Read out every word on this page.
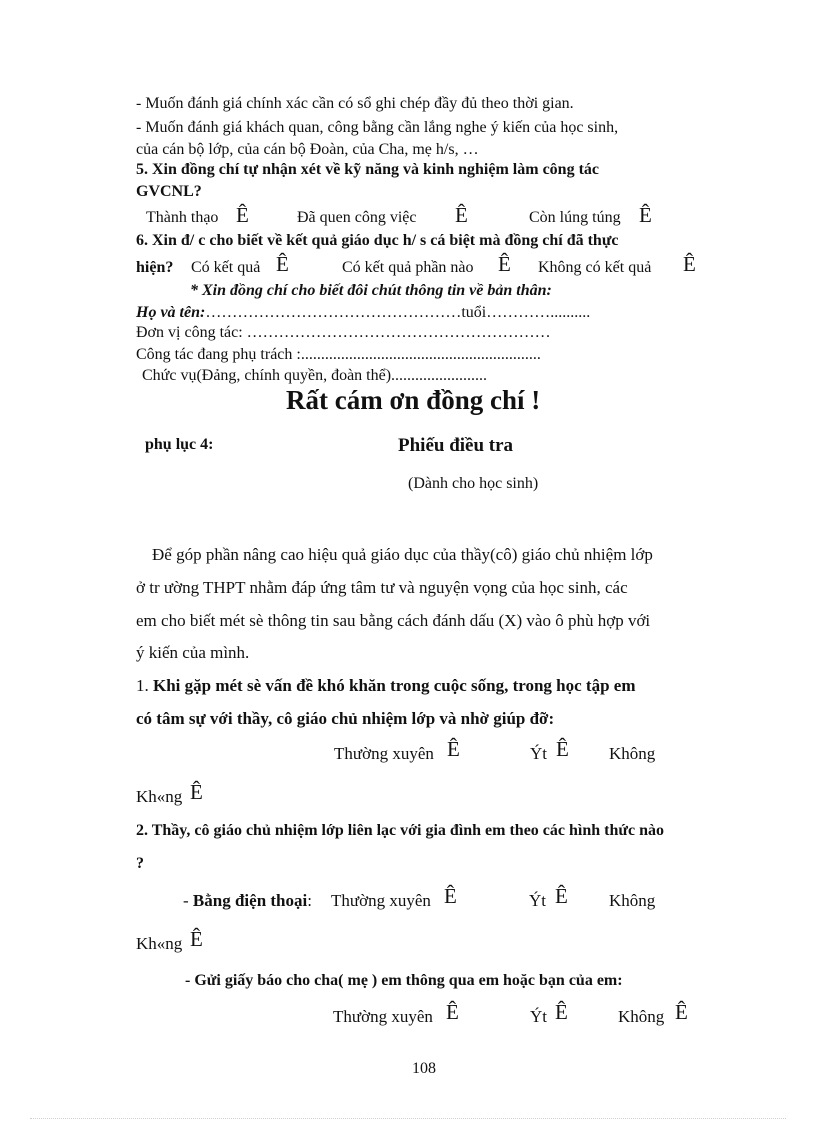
- Muốn đánh giá chính xác cần có sổ ghi chép đầy đủ theo thời gian.
- Muốn đánh giá khách quan, công bằng cần lắng nghe ý kiến của học sinh,
của cán bộ lớp, của cán bộ Đoàn, của Cha, mẹ h/s, …
5. Xin đồng chí tự nhận xét về kỹ năng và kinh nghiệm làm công tác
GVCNL?
Thành thạo Ê	Đã quen công việc Ê	Còn lúng túng Ê
6. Xin đ/ c cho biết về kết quả giáo dục h/ s cá biệt mà đồng chí đã thực
hiện? Có kết quả Ê	Có kết quả phần nào Ê Không có kết quả Ê
* Xin đồng chí cho biết đôi chút thông tin về bản thân:
Họ và tên:…………………………………………tuổi…………..........
Đơn vị công tác: …………………………………………………
Công tác đang phụ trách :............................................................
Chức vụ(Đảng, chính quyền, đoàn thể)........................
Rất cám ơn đồng chí !
phụ lục 4:	Phiếu điều tra
(Dành cho học sinh)
Để góp phần nâng cao hiệu quả giáo dục của thầy(cô) giáo chủ nhiệm lớp
ở tr ường THPT nhằm đáp ứng tâm tư và nguyện vọng của học sinh, các
em cho biết mét sè thông tin sau bằng cách đánh dấu (X) vào ô phù hợp với
ý kiến của mình.
1. Khi gặp mét sè vấn đề khó khăn trong cuộc sống, trong học tập em
có tâm sự với thầy, cô giáo chủ nhiệm lớp và nhờ giúp đỡ:
Thường xuyên Ê	Ýt Ê Không
Kh«ng Ê
2. Thầy, cô giáo chủ nhiệm lớp liên lạc với gia đình em theo các hình thức nào
?
- Bằng điện thoại: Thường xuyên Ê	Ýt Ê Không
Kh«ng Ê
- Gửi giấy báo cho cha( mẹ ) em thông qua em hoặc bạn của em:
Thường xuyên Ê	Ýt Ê	Không Ê
108
